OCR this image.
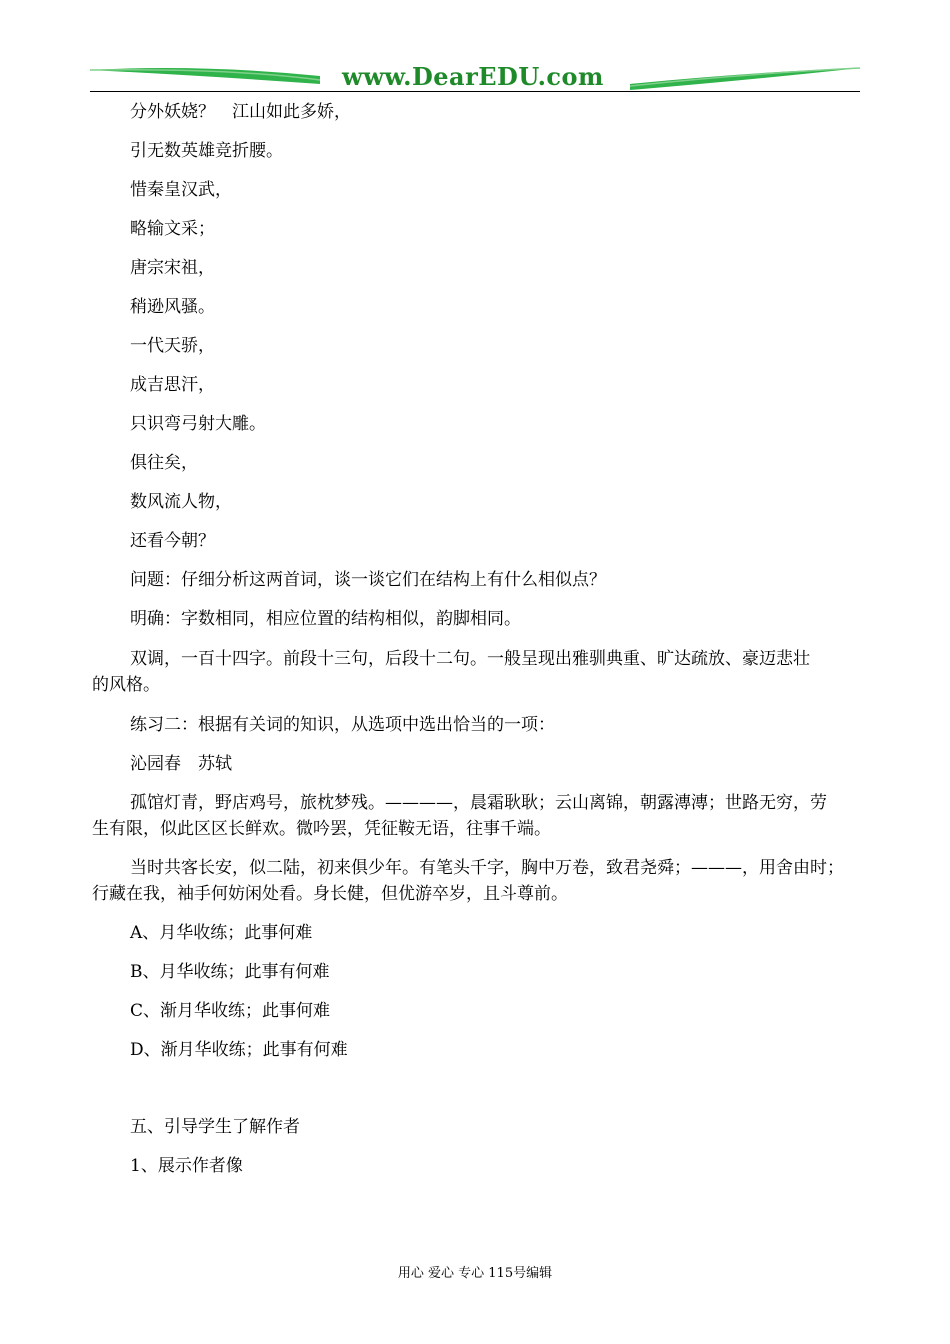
www.DearEDU.com
分外妖娆？　江山如此多娇，
引无数英雄竞折腰。
惜秦皇汉武，
略输文采；
唐宗宋祖，
稍逊风骚。
一代天骄，
成吉思汗，
只识弯弓射大雕。
俱往矣，
数风流人物，
还看今朝？
问题：仔细分析这两首词，谈一谈它们在结构上有什么相似点？
明确：字数相同，相应位置的结构相似，韵脚相同。
双调，一百十四字。前段十三句，后段十二句。一般呈现出雅驯典重、旷达疏放、豪迈悲壮
的风格。
练习二：根据有关词的知识，从选项中选出恰当的一项：
沁园春　苏轼
孤馆灯青，野店鸡号，旅枕梦残。————，晨霜耿耿；云山离锦，朝露漙漙；世路无穷，劳
生有限，似此区区长鲜欢。微吟罢，凭征鞍无语，往事千端。
当时共客长安，似二陆，初来俱少年。有笔头千字，胸中万卷，致君尧舜；———，用舍由时；
行藏在我，袖手何妨闲处看。身长健，但优游卒岁，且斗尊前。
A、月华收练；此事何难
B、月华收练；此事有何难
C、渐月华收练；此事何难
D、渐月华收练；此事有何难
五、引导学生了解作者
1、展示作者像
用心 爱心 专心 115号编辑
